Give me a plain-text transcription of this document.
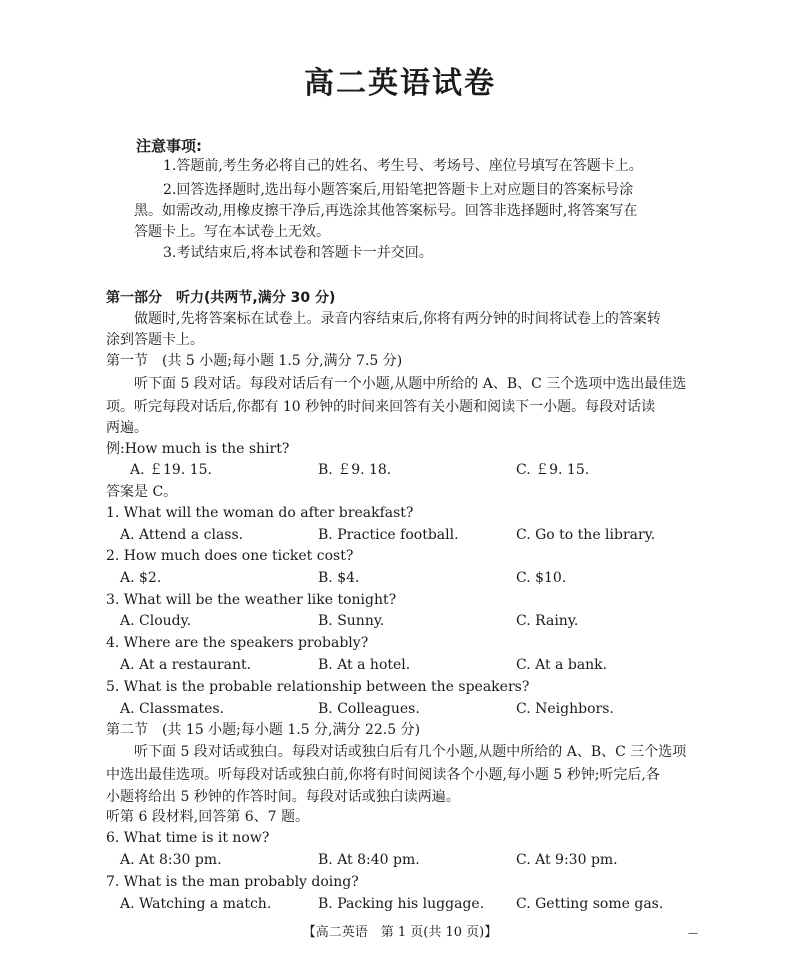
高二英语试卷
注意事项:
1.答题前,考生务必将自己的姓名、考生号、考场号、座位号填写在答题卡上。
2.回答选择题时,选出每小题答案后,用铅笔把答题卡上对应题目的答案标号涂
黑。如需改动,用橡皮擦干净后,再选涂其他答案标号。回答非选择题时,将答案写在
答题卡上。写在本试卷上无效。
3.考试结束后,将本试卷和答题卡一并交回。
第一部分　听力(共两节,满分 30 分)
做题时,先将答案标在试卷上。录音内容结束后,你将有两分钟的时间将试卷上的答案转
涂到答题卡上。
第一节　(共 5 小题;每小题 1.5 分,满分 7.5 分)
听下面 5 段对话。每段对话后有一个小题,从题中所给的 A、B、C 三个选项中选出最佳选
项。听完每段对话后,你都有 10 秒钟的时间来回答有关小题和阅读下一小题。每段对话读
两遍。
例:How much is the shirt?
A. ￡19. 15.	B. ￡9. 18.	C. ￡9. 15.
答案是 C。
1. What will the woman do after breakfast?
A. Attend a class.	B. Practice football.	C. Go to the library.
2. How much does one ticket cost?
A. $2.	B. $4.	C. $10.
3. What will be the weather like tonight?
A. Cloudy.	B. Sunny.	C. Rainy.
4. Where are the speakers probably?
A. At a restaurant.	B. At a hotel.	C. At a bank.
5. What is the probable relationship between the speakers?
A. Classmates.	B. Colleagues.	C. Neighbors.
第二节　(共 15 小题;每小题 1.5 分,满分 22.5 分)
听下面 5 段对话或独白。每段对话或独白后有几个小题,从题中所给的 A、B、C 三个选项
中选出最佳选项。听每段对话或独白前,你将有时间阅读各个小题,每小题 5 秒钟;听完后,各
小题将给出 5 秒钟的作答时间。每段对话或独白读两遍。
听第 6 段材料,回答第 6、7 题。
6. What time is it now?
A. At 8:30 pm.	B. At 8:40 pm.	C. At 9:30 pm.
7. What is the man probably doing?
A. Watching a match.	B. Packing his luggage. C. Getting some gas.
【高二英语　第 1 页(共 10 页)】	—
